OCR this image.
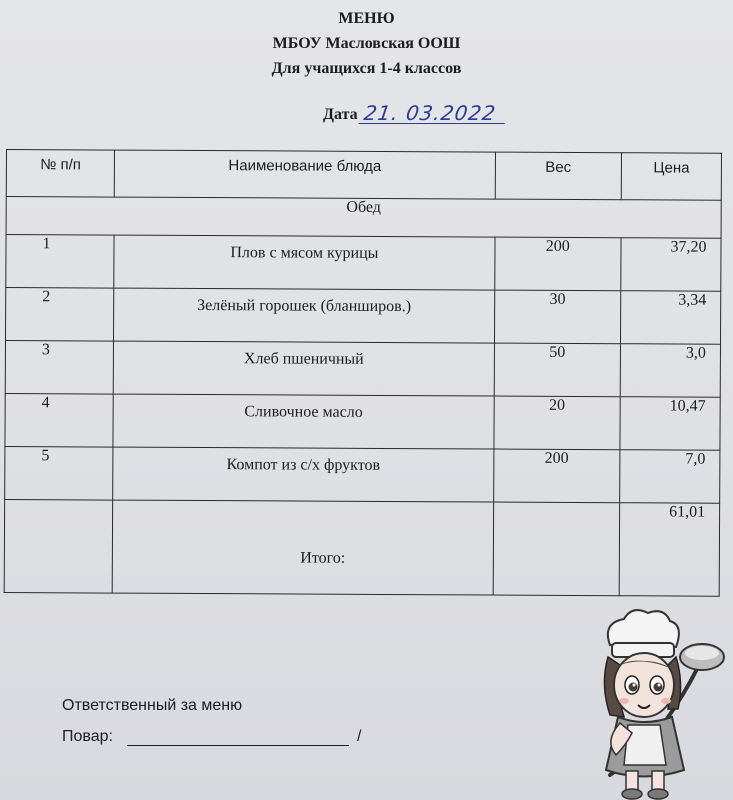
МЕНЮ
МБОУ Масловская ООШ
Для учащихся 1-4 классов
Дата 21. 03.2022
№ п/п	Наименование блюда	Вес	Цена
Обед			
1	Плов с мясом курицы	200	37,20
2	Зелёный горошек (бланширов.)	30	3,34
3	Хлеб пшеничный	50	3,0
4	Сливочное масло	20	10,47
5	Компот из с/х фруктов	200	7,0

	Итого:		61,01
Ответственный за меню
Повар:	/
